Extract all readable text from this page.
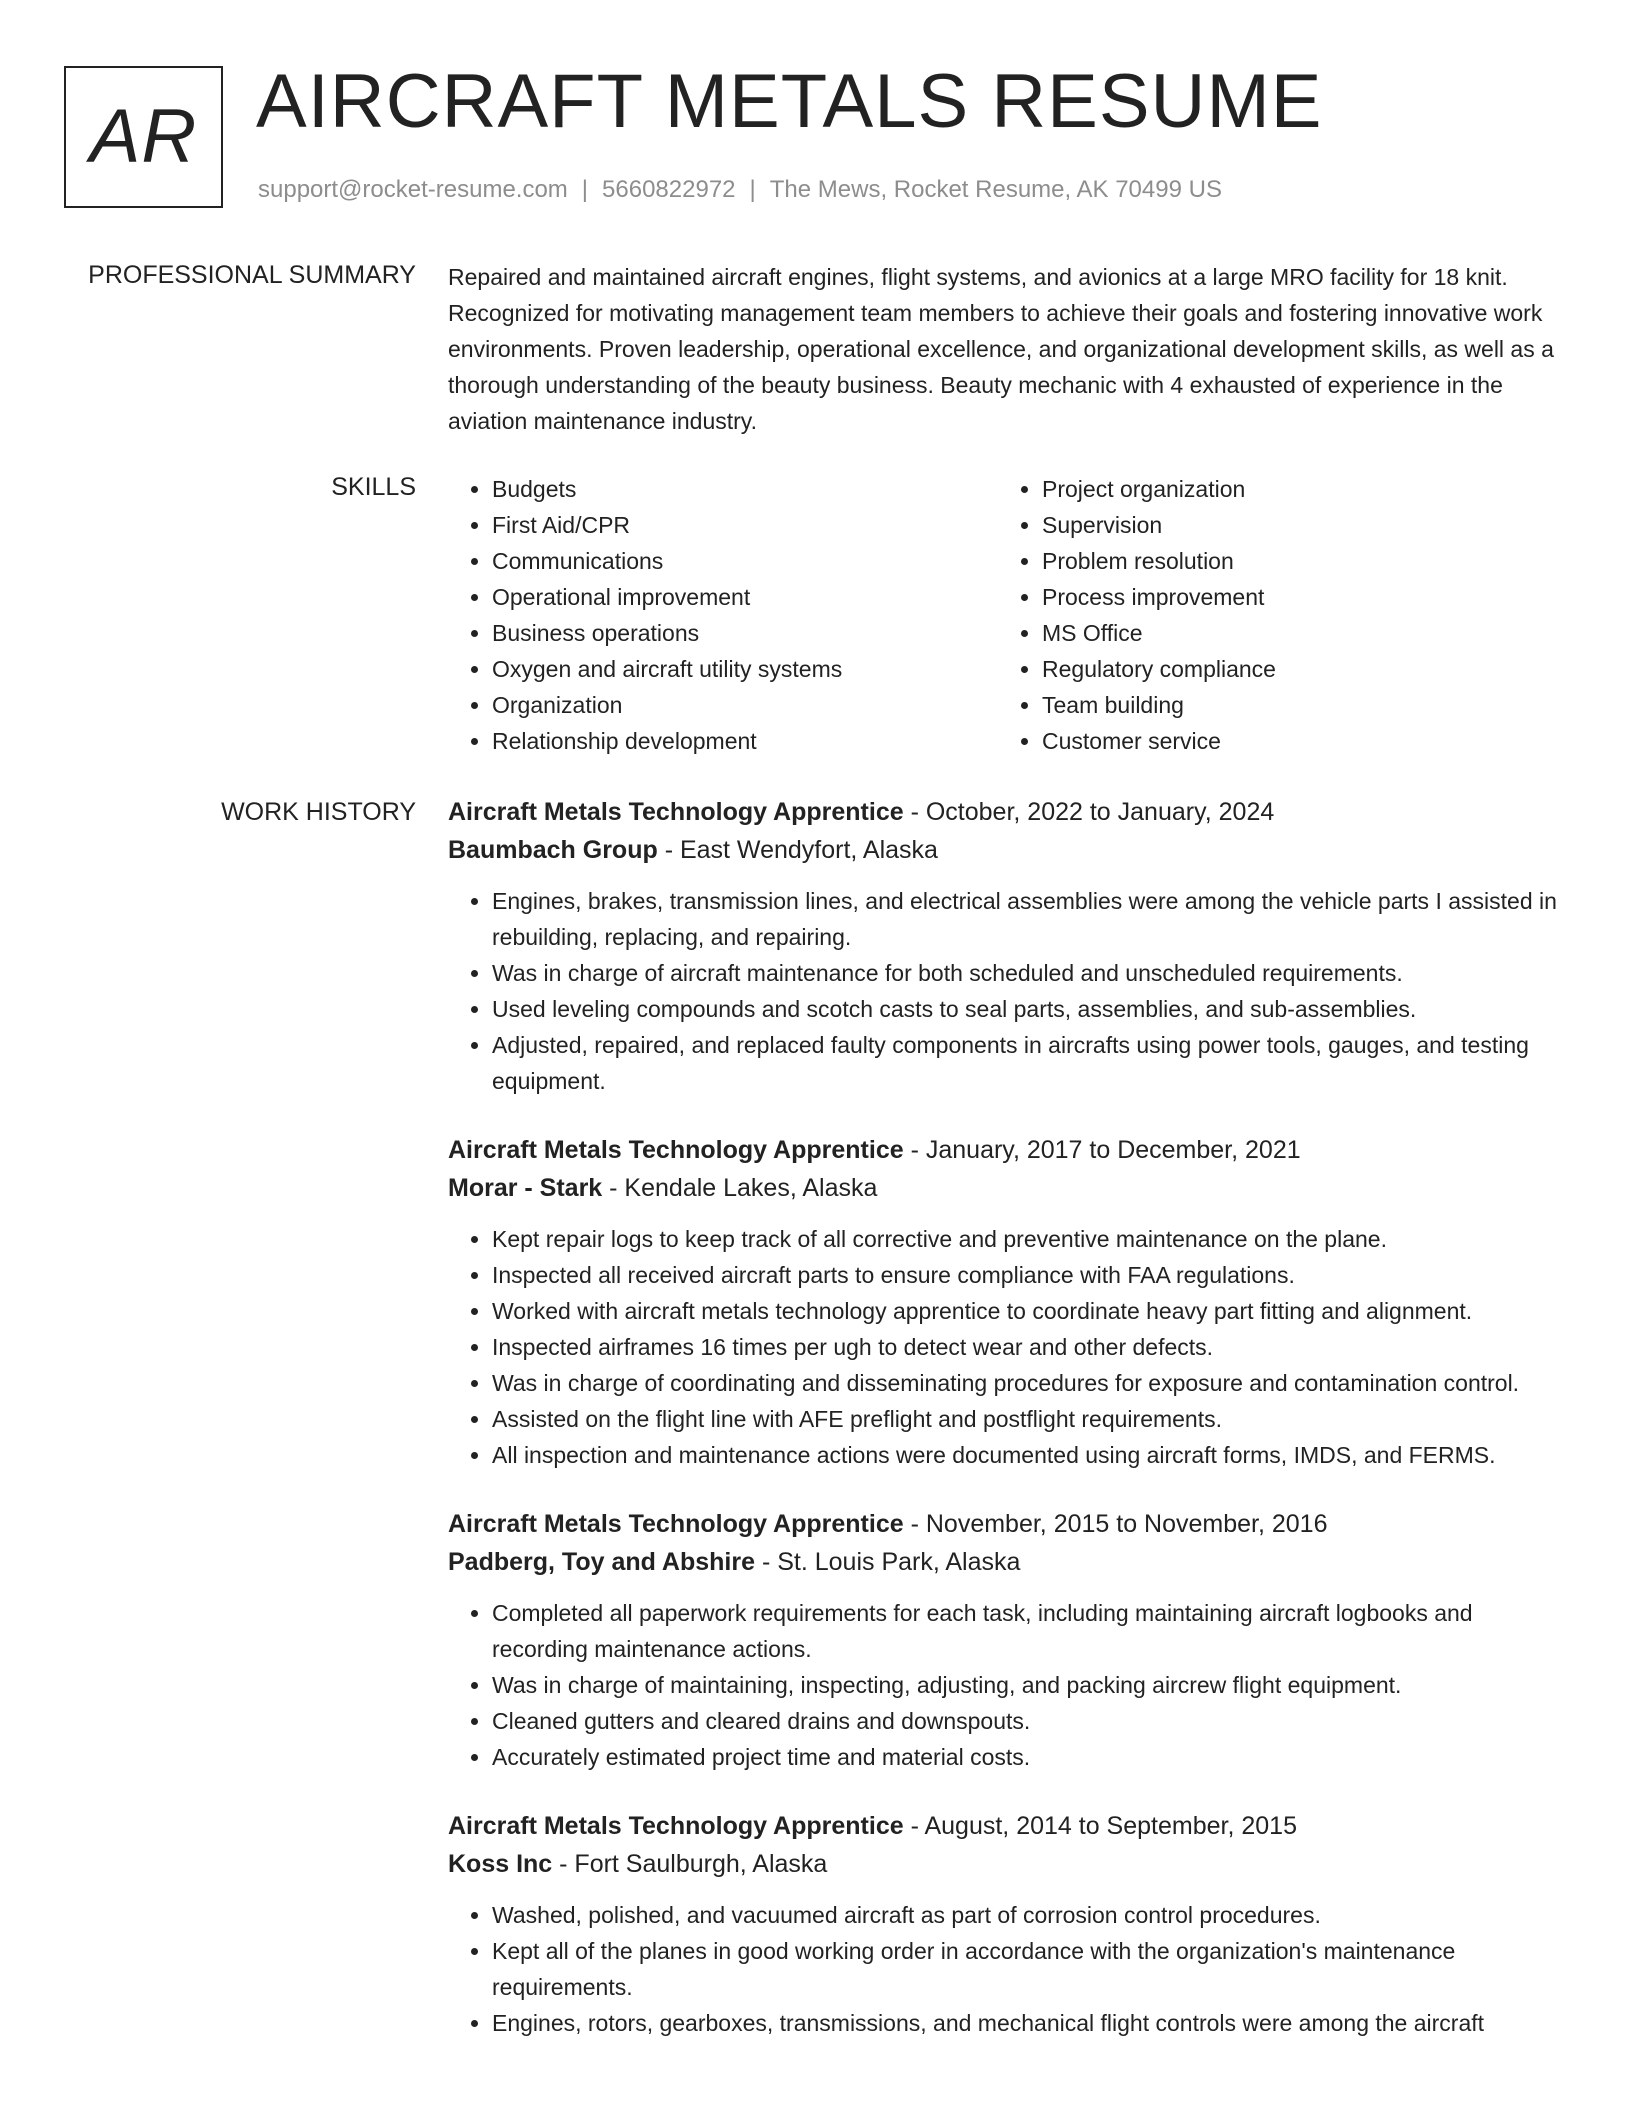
AR AIRCRAFT METALS RESUME
support@rocket-resume.com | 5660822972 | The Mews, Rocket Resume, AK 70499 US
PROFESSIONAL SUMMARY Repaired and maintained aircraft engines, flight systems, and avionics at a large MRO facility for 18 knit. Recognized for motivating management team members to achieve their goals and fostering innovative work environments. Proven leadership, operational excellence, and organizational development skills, as well as a thorough understanding of the beauty business. Beauty mechanic with 4 exhausted of experience in the aviation maintenance industry.

SKILLS
•	Budgets
• First Aid/CPR
• Communications
• Operational improvement
• Business operations
• Oxygen and aircraft utility systems
• Organization
• Relationship development
• Project organization
• Supervision
• Problem resolution
• Process improvement
• MS Office
• Regulatory compliance
• Team building
• Customer service
WORK HISTORY Aircraft Metals Technology Apprentice - October, 2022 to January, 2024
Baumbach Group - East Wendyfort, Alaska
• Engines, brakes, transmission lines, and electrical assemblies were among the vehicle parts I assisted in rebuilding, replacing, and repairing.
• Was in charge of aircraft maintenance for both scheduled and unscheduled requirements.
• Used leveling compounds and scotch casts to seal parts, assemblies, and sub-assemblies.
• Adjusted, repaired, and replaced faulty components in aircrafts using power tools, gauges, and testing equipment.
Aircraft Metals Technology Apprentice - January, 2017 to December, 2021
Morar - Stark - Kendale Lakes, Alaska
• Kept repair logs to keep track of all corrective and preventive maintenance on the plane.
• Inspected all received aircraft parts to ensure compliance with FAA regulations.
• Worked with aircraft metals technology apprentice to coordinate heavy part fitting and alignment.
• Inspected airframes 16 times per ugh to detect wear and other defects.
• Was in charge of coordinating and disseminating procedures for exposure and contamination control.
• Assisted on the flight line with AFE preflight and postflight requirements.
• All inspection and maintenance actions were documented using aircraft forms, IMDS, and FERMS.
Aircraft Metals Technology Apprentice - November, 2015 to November, 2016
Padberg, Toy and Abshire - St. Louis Park, Alaska
• Completed all paperwork requirements for each task, including maintaining aircraft logbooks and recording maintenance actions.
• Was in charge of maintaining, inspecting, adjusting, and packing aircrew flight equipment.
• Cleaned gutters and cleared drains and downspouts.
• Accurately estimated project time and material costs.
Aircraft Metals Technology Apprentice - August, 2014 to September, 2015
Koss Inc - Fort Saulburgh, Alaska
• Washed, polished, and vacuumed aircraft as part of corrosion control procedures.
• Kept all of the planes in good working order in accordance with the organization's maintenance requirements.
• Engines, rotors, gearboxes, transmissions, and mechanical flight controls were among the aircraft
